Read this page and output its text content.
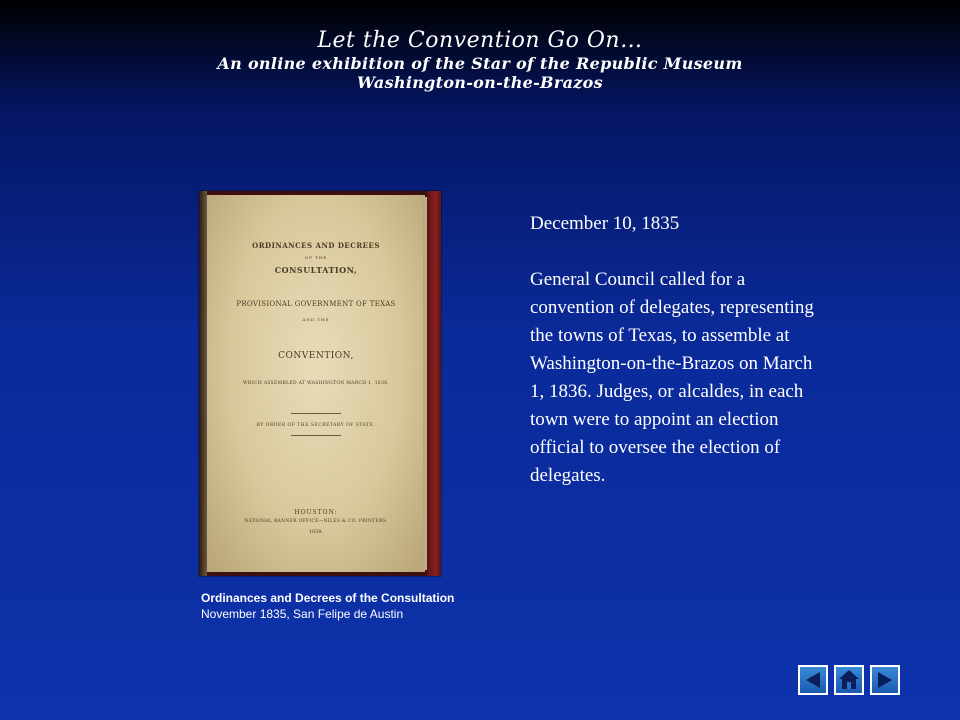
Let the Convention Go On…
An online exhibition of the Star of the Republic Museum
Washington-on-the-Brazos
ORDINANCES AND DECREES
OF THE
CONSULTATION,
PROVISIONAL GOVERNMENT OF TEXAS
AND THE
CONVENTION,
WHICH ASSEMBLED AT WASHINGTON MARCH 1, 1836.
BY ORDER OF THE SECRETARY OF STATE.
HOUSTON:
NATIONAL BANNER OFFICE—NILES & CO. PRINTERS.
1838.
Ordinances and Decrees of the Consultation
November 1835, San Felipe de Austin
December 10, 1835
General Council called for a convention of delegates, representing the towns of Texas, to assemble at Washington-on-the-Brazos on March 1, 1836. Judges, or alcaldes, in each town were to appoint an election official to oversee the election of delegates.
